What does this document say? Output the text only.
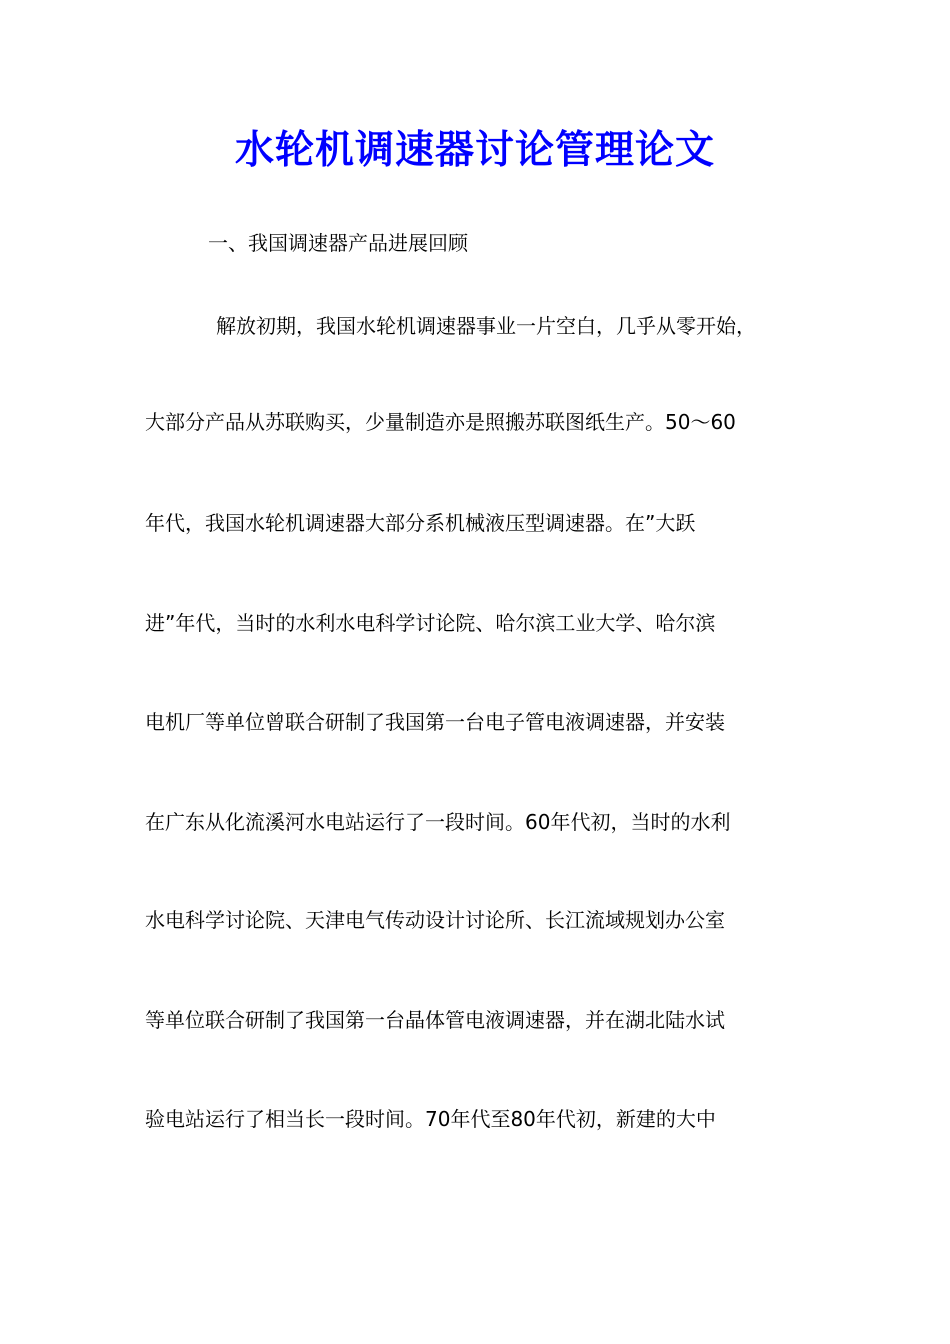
水轮机调速器讨论管理论文
一、我国调速器产品进展回顾
解放初期，我国水轮机调速器事业一片空白，几乎从零开始，
大部分产品从苏联购买，少量制造亦是照搬苏联图纸生产。50～60
年代，我国水轮机调速器大部分系机械液压型调速器。在”大跃
进”年代，当时的水利水电科学讨论院、哈尔滨工业大学、哈尔滨
电机厂等单位曾联合研制了我国第一台电子管电液调速器，并安装
在广东从化流溪河水电站运行了一段时间。60年代初，当时的水利
水电科学讨论院、天津电气传动设计讨论所、长江流域规划办公室
等单位联合研制了我国第一台晶体管电液调速器，并在湖北陆水试
验电站运行了相当长一段时间。70年代至80年代初，新建的大中
